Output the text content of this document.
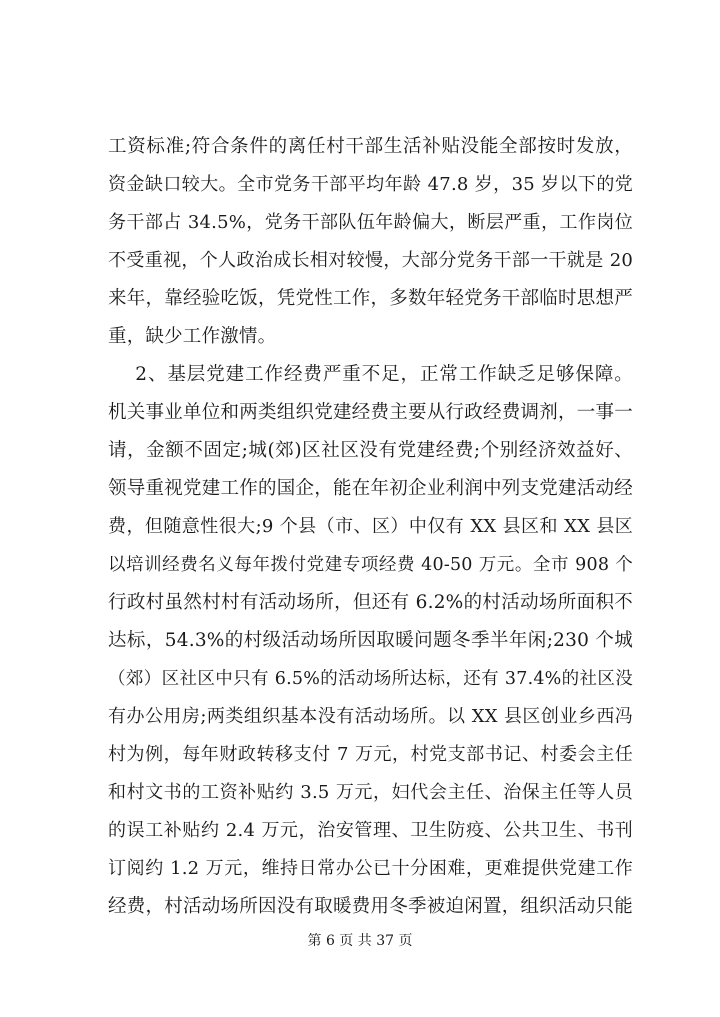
工资标准;符合条件的离任村干部生活补贴没能全部按时发放，
资金缺口较大。全市党务干部平均年龄 47.8 岁，35 岁以下的党
务干部占 34.5%，党务干部队伍年龄偏大，断层严重，工作岗位
不受重视，个人政治成长相对较慢，大部分党务干部一干就是 20
来年，靠经验吃饭，凭党性工作，多数年轻党务干部临时思想严
重，缺少工作激情。
2、基层党建工作经费严重不足，正常工作缺乏足够保障。
机关事业单位和两类组织党建经费主要从行政经费调剂，一事一
请，金额不固定;城(郊)区社区没有党建经费;个别经济效益好、
领导重视党建工作的国企，能在年初企业利润中列支党建活动经
费，但随意性很大;9 个县（市、区）中仅有 XX 县区和 XX 县区
以培训经费名义每年拨付党建专项经费 40-50 万元。全市 908 个
行政村虽然村村有活动场所，但还有 6.2%的村活动场所面积不
达标，54.3%的村级活动场所因取暖问题冬季半年闲;230 个城
（郊）区社区中只有 6.5%的活动场所达标，还有 37.4%的社区没
有办公用房;两类组织基本没有活动场所。以 XX 县区创业乡西冯
村为例，每年财政转移支付 7 万元，村党支部书记、村委会主任
和村文书的工资补贴约 3.5 万元，妇代会主任、治保主任等人员
的误工补贴约 2.4 万元，治安管理、卫生防疫、公共卫生、书刊
订阅约 1.2 万元，维持日常办公已十分困难，更难提供党建工作
经费，村活动场所因没有取暖费用冬季被迫闲置，组织活动只能
第 6 页 共 37 页
